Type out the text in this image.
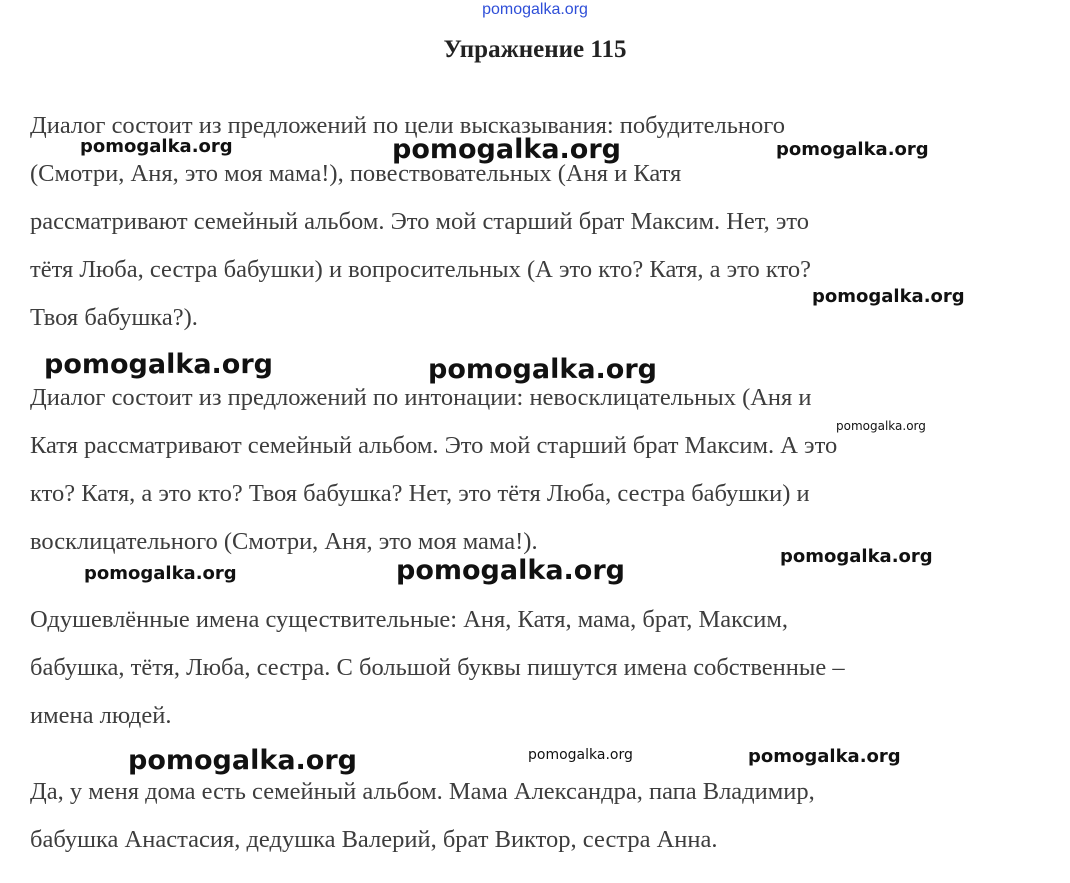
pomogalka.org
Упражнение 115
Диалог состоит из предложений по цели высказывания: побудительного
(Смотри, Аня, это моя мама!), повествовательных (Аня и Катя
рассматривают семейный альбом. Это мой старший брат Максим. Нет, это
тётя Люба, сестра бабушки) и вопросительных (А это кто? Катя, а это кто?
Твоя бабушка?).
Диалог состоит из предложений по интонации: невосклицательных (Аня и
Катя рассматривают семейный альбом. Это мой старший брат Максим. А это
кто? Катя, а это кто? Твоя бабушка? Нет, это тётя Люба, сестра бабушки) и
восклицательного (Смотри, Аня, это моя мама!).
Одушевлённые имена существительные: Аня, Катя, мама, брат, Максим,
бабушка, тётя, Люба, сестра. С большой буквы пишутся имена собственные –
имена людей.
Да, у меня дома есть семейный альбом. Мама Александра, папа Владимир,
бабушка Анастасия, дедушка Валерий, брат Виктор, сестра Анна.
pomogalka.org	pomogalka.org	pomogalka.org
pomogalka.org
pomogalka.org	pomogalka.org
pomogalka.org
pomogalka.org
pomogalka.org	pomogalka.org
pomogalka.org	pomogalka.org	pomogalka.org
